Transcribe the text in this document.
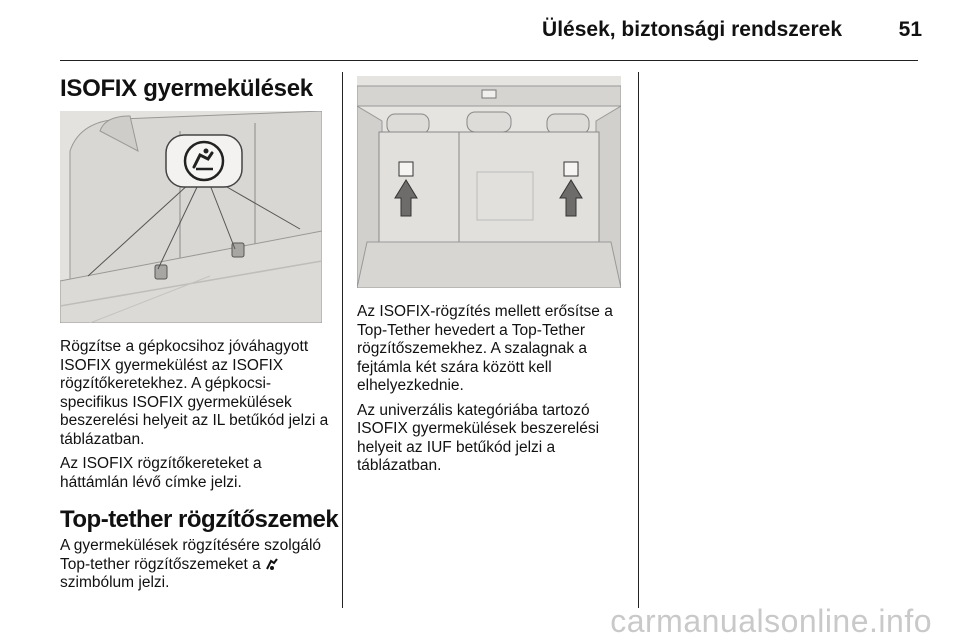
Ülések, biztonsági rendszerek	51
ISOFIX gyermekülések

Rögzítse a gépkocsihoz jóváhagyott ISOFIX gyermekülést az ISOFIX rögzítőkeretekhez. A gépkocsi-specifikus ISOFIX gyermekülések beszerelési helyeit az IL betűkód jelzi a táblázatban.

Az ISOFIX rögzítőkereteket a háttámlán lévő címke jelzi.

Top-tether rögzítőszemek
A gyermekülések rögzítésére szolgáló Top-tether rögzítőszemeket a  szimbólum jelzi.

Az ISOFIX-rögzítés mellett erősítse a Top-Tether hevedert a Top-Tether rögzítőszemekhez. A szalagnak a fejtámla két szára között kell elhelyezkednie.

Az univerzális kategóriába tartozó ISOFIX gyermekülések beszerelési helyeit az IUF betűkód jelzi a táblázatban.

carmanualsonline.info
